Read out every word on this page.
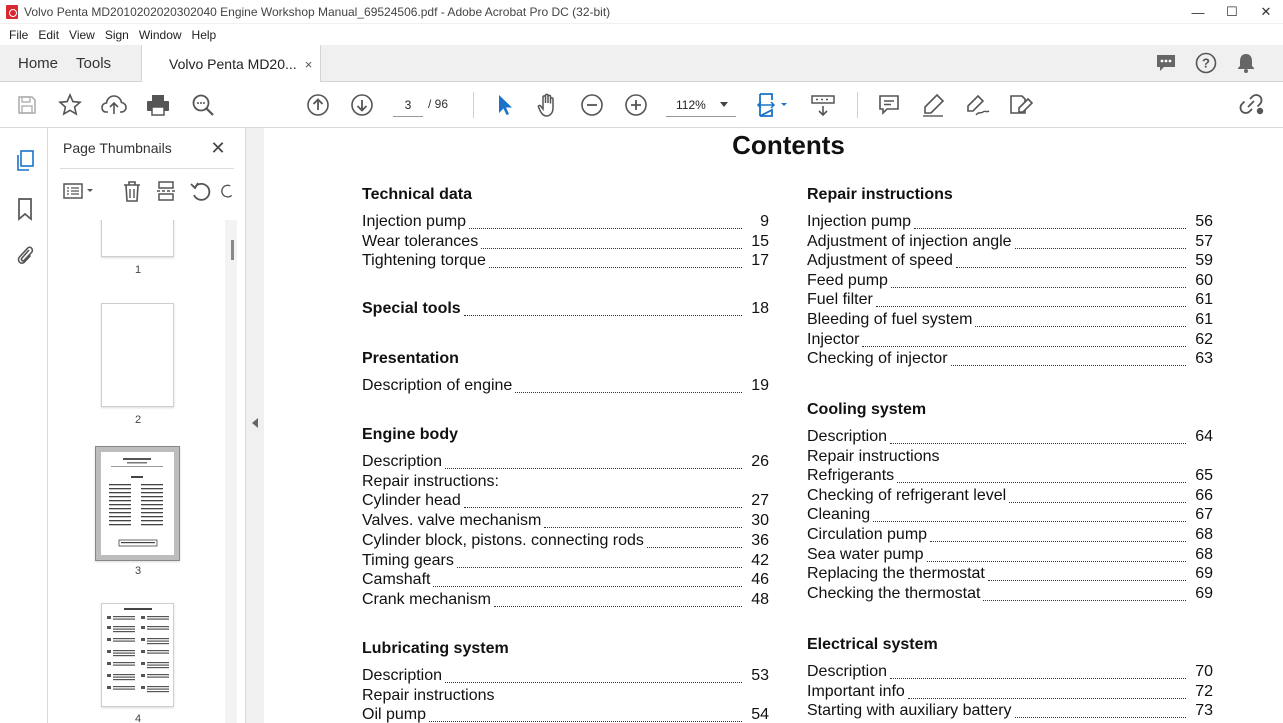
Volvo Penta MD2010202020302040 Engine Workshop Manual_69524506.pdf - Adobe Acrobat Pro DC (32-bit)	—	☐	✕
File Edit View Sign Window Help
Home	Tools	Volvo Penta MD20... ×	?
3
/ 96	112%
Page Thumbnails ✕
1
2
3
4
Contents
Technical data
Injection pump	9
Wear tolerances	15
Tightening torque	17
Special tools	18
Presentation
Description of engine	19
Engine body
Description	26
Repair instructions:
Cylinder head	27
Valves. valve mechanism	30
Cylinder block, pistons. connecting rods	36
Timing gears	42
Camshaft	46
Crank mechanism	48
Lubricating system
Description	53
Repair instructions
Oil pump	54
Repair instructions
Injection pump	56
Adjustment of injection angle	57
Adjustment of speed	59
Feed pump	60
Fuel filter	61
Bleeding of fuel system	61
Injector	62
Checking of injector	63
Cooling system
Description	64
Repair instructions
Refrigerants	65
Checking of refrigerant level	66
Cleaning	67
Circulation pump	68
Sea water pump	68
Replacing the thermostat	69
Checking the thermostat	69
Electrical system
Description	70
Important info	72
Starting with auxiliary battery	73
